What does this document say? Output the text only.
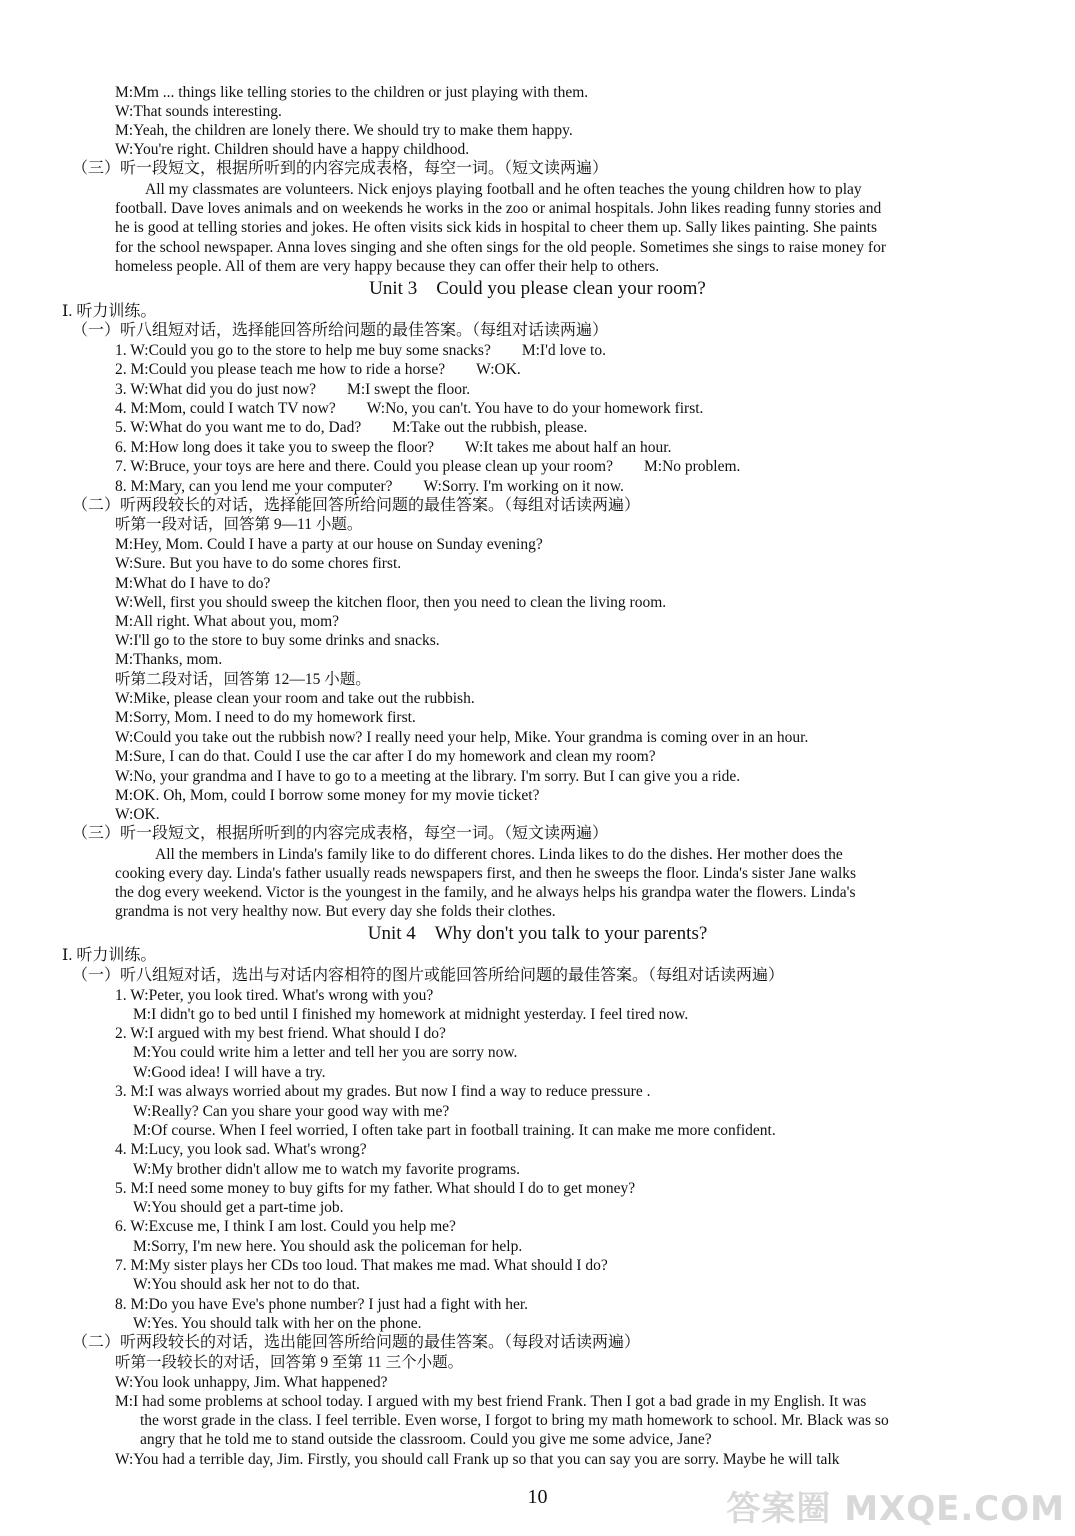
M:Mm ... things like telling stories to the children or just playing with them.
W:That sounds interesting.
M:Yeah, the children are lonely there. We should try to make them happy.
W:You're right. Children should have a happy childhood.
（三）听一段短文，根据所听到的内容完成表格，每空一词。（短文读两遍）
All my classmates are volunteers. Nick enjoys playing football and he often teaches the young children how to play
football. Dave loves animals and on weekends he works in the zoo or animal hospitals. John likes reading funny stories and
he is good at telling stories and jokes. He often visits sick kids in hospital to cheer them up. Sally likes painting. She paints
for the school newspaper. Anna loves singing and she often sings for the old people. Sometimes she sings to raise money for
homeless people. All of them are very happy because they can offer their help to others.
Unit 3　Could you please clean your room?
Ⅰ. 听力训练。
（一）听八组短对话，选择能回答所给问题的最佳答案。（每组对话读两遍）
1. W:Could you go to the store to help me buy some snacks?　　M:I'd love to.
2. M:Could you please teach me how to ride a horse?　　W:OK.
3. W:What did you do just now?　　M:I swept the floor.
4. M:Mom, could I watch TV now?　　W:No, you can't. You have to do your homework first.
5. W:What do you want me to do, Dad?　　M:Take out the rubbish, please.
6. M:How long does it take you to sweep the floor?　　W:It takes me about half an hour.
7. W:Bruce, your toys are here and there. Could you please clean up your room?　　M:No problem.
8. M:Mary, can you lend me your computer?　　W:Sorry. I'm working on it now.
（二）听两段较长的对话，选择能回答所给问题的最佳答案。（每组对话读两遍）
听第一段对话，回答第 9—11 小题。
M:Hey, Mom. Could I have a party at our house on Sunday evening?
W:Sure. But you have to do some chores first.
M:What do I have to do?
W:Well, first you should sweep the kitchen floor, then you need to clean the living room.
M:All right. What about you, mom?
W:I'll go to the store to buy some drinks and snacks.
M:Thanks, mom.
听第二段对话，回答第 12—15 小题。
W:Mike, please clean your room and take out the rubbish.
M:Sorry, Mom. I need to do my homework first.
W:Could you take out the rubbish now? I really need your help, Mike. Your grandma is coming over in an hour.
M:Sure, I can do that. Could I use the car after I do my homework and clean my room?
W:No, your grandma and I have to go to a meeting at the library. I'm sorry. But I can give you a ride.
M:OK. Oh, Mom, could I borrow some money for my movie ticket?
W:OK.
（三）听一段短文，根据所听到的内容完成表格，每空一词。（短文读两遍）
All the members in Linda's family like to do different chores. Linda likes to do the dishes. Her mother does the
cooking every day. Linda's father usually reads newspapers first, and then he sweeps the floor. Linda's sister Jane walks
the dog every weekend. Victor is the youngest in the family, and he always helps his grandpa water the flowers. Linda's
grandma is not very healthy now. But every day she folds their clothes.
Unit 4　Why don't you talk to your parents?
Ⅰ. 听力训练。
（一）听八组短对话，选出与对话内容相符的图片或能回答所给问题的最佳答案。（每组对话读两遍）
1. W:Peter, you look tired. What's wrong with you?
M:I didn't go to bed until I finished my homework at midnight yesterday. I feel tired now.
2. W:I argued with my best friend. What should I do?
M:You could write him a letter and tell her you are sorry now.
W:Good idea! I will have a try.
3. M:I was always worried about my grades. But now I find a way to reduce pressure .
W:Really? Can you share your good way with me?
M:Of course. When I feel worried, I often take part in football training. It can make me more confident.
4. M:Lucy, you look sad. What's wrong?
W:My brother didn't allow me to watch my favorite programs.
5. M:I need some money to buy gifts for my father. What should I do to get money?
W:You should get a part-time job.
6. W:Excuse me, I think I am lost. Could you help me?
M:Sorry, I'm new here. You should ask the policeman for help.
7. M:My sister plays her CDs too loud. That makes me mad. What should I do?
W:You should ask her not to do that.
8. M:Do you have Eve's phone number? I just had a fight with her.
W:Yes. You should talk with her on the phone.
（二）听两段较长的对话，选出能回答所给问题的最佳答案。（每段对话读两遍）
听第一段较长的对话，回答第 9 至第 11 三个小题。
W:You look unhappy, Jim. What happened?
M:I had some problems at school today. I argued with my best friend Frank. Then I got a bad grade in my English. It was
the worst grade in the class. I feel terrible. Even worse, I forgot to bring my math homework to school. Mr. Black was so
angry that he told me to stand outside the classroom. Could you give me some advice, Jane?
W:You had a terrible day, Jim. Firstly, you should call Frank up so that you can say you are sorry. Maybe he will talk
10	答案圈 MXQE.COM
